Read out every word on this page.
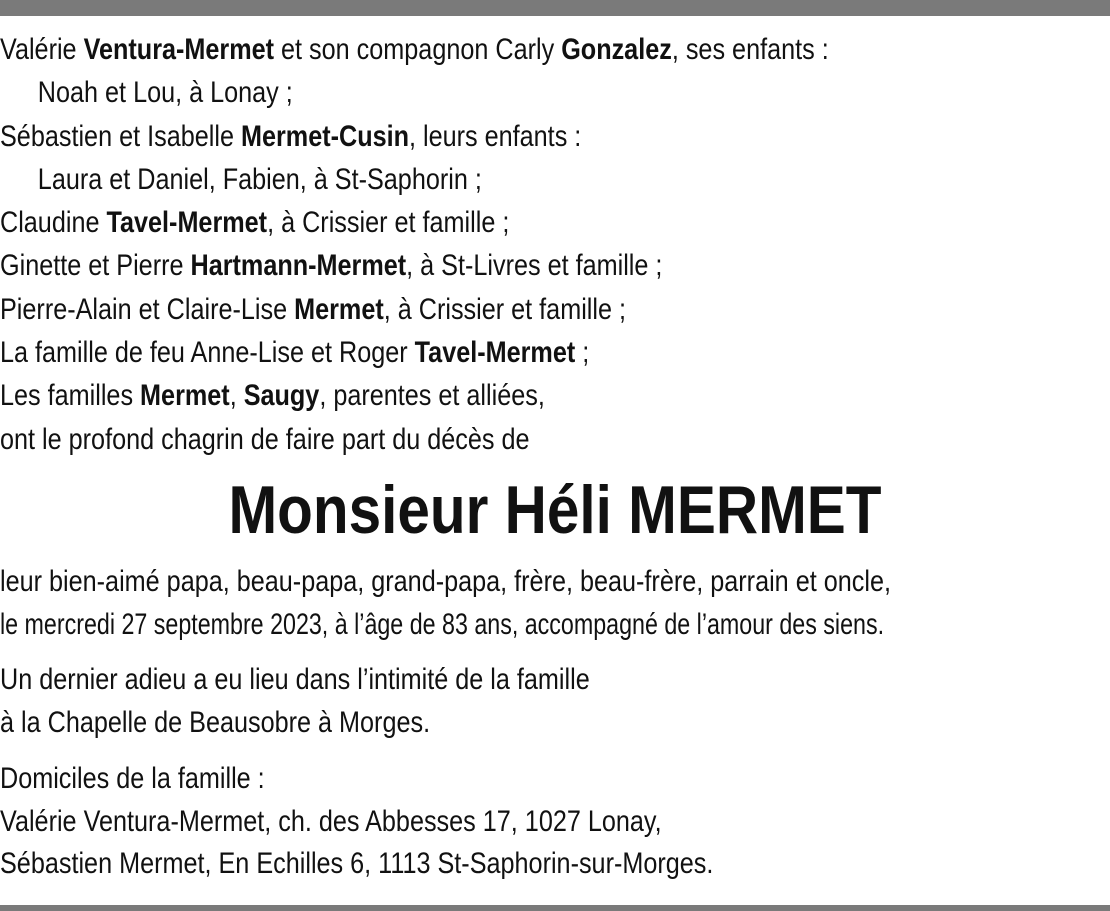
Valérie Ventura-Mermet et son compagnon Carly Gonzalez, ses enfants :
Noah et Lou, à Lonay ;
Sébastien et Isabelle Mermet-Cusin, leurs enfants :
Laura et Daniel, Fabien, à St-Saphorin ;
Claudine Tavel-Mermet, à Crissier et famille ;
Ginette et Pierre Hartmann-Mermet, à St-Livres et famille ;
Pierre-Alain et Claire-Lise Mermet, à Crissier et famille ;
La famille de feu Anne-Lise et Roger Tavel-Mermet ;
Les familles Mermet, Saugy, parentes et alliées,
ont le profond chagrin de faire part du décès de
Monsieur Héli MERMET
leur bien-aimé papa, beau-papa, grand-papa, frère, beau-frère, parrain et oncle,
le mercredi 27 septembre 2023, à l’âge de 83 ans, accompagné de l’amour des siens.
Un dernier adieu a eu lieu dans l’intimité de la famille
à la Chapelle de Beausobre à Morges.
Domiciles de la famille :
Valérie Ventura-Mermet, ch. des Abbesses 17, 1027 Lonay,
Sébastien Mermet, En Echilles 6, 1113 St-Saphorin-sur-Morges.
